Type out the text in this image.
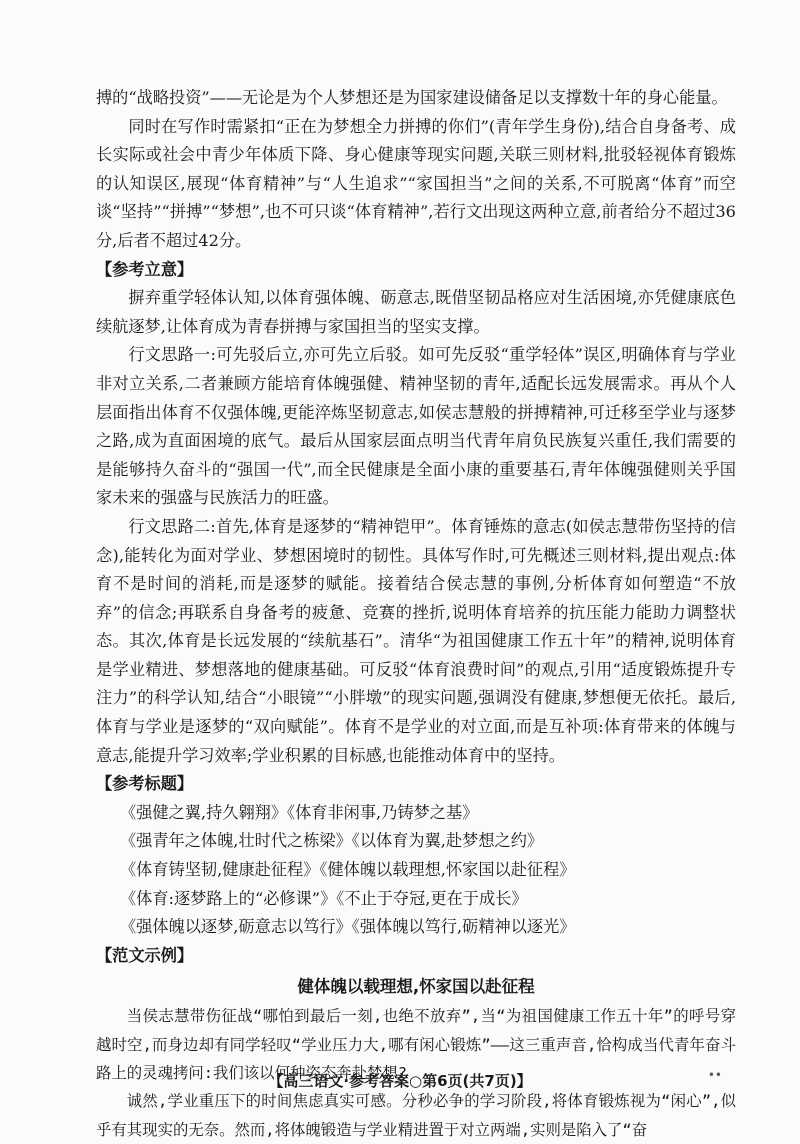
搏的“战略投资”——无论是为个人梦想还是为国家建设储备足以支撑数十年的身心能量。

同时在写作时需紧扣“正在为梦想全力拼搏的你们”(青年学生身份),结合自身备考、成长实际或社会中青少年体质下降、身心健康等现实问题,关联三则材料,批驳轻视体育锻炼的认知误区,展现“体育精神”与“人生追求”“家国担当”之间的关系,不可脱离“体育”而空谈“坚持”“拼搏”“梦想”,也不可只谈“体育精神”,若行文出现这两种立意,前者给分不超过36分,后者不超过42分。

【参考立意】

摒弃重学轻体认知,以体育强体魄、砺意志,既借坚韧品格应对生活困境,亦凭健康底色续航逐梦,让体育成为青春拼搏与家国担当的坚实支撑。

行文思路一:可先驳后立,亦可先立后驳。如可先反驳“重学轻体”误区,明确体育与学业非对立关系,二者兼顾方能培育体魄强健、精神坚韧的青年,适配长远发展需求。再从个人层面指出体育不仅强体魄,更能淬炼坚韧意志,如侯志慧般的拼搏精神,可迁移至学业与逐梦之路,成为直面困境的底气。最后从国家层面点明当代青年肩负民族复兴重任,我们需要的是能够持久奋斗的“强国一代”,而全民健康是全面小康的重要基石,青年体魄强健则关乎国家未来的强盛与民族活力的旺盛。

行文思路二:首先,体育是逐梦的“精神铠甲”。体育锤炼的意志(如侯志慧带伤坚持的信念),能转化为面对学业、梦想困境时的韧性。具体写作时,可先概述三则材料,提出观点:体育不是时间的消耗,而是逐梦的赋能。接着结合侯志慧的事例,分析体育如何塑造“不放弃”的信念;再联系自身备考的疲惫、竞赛的挫折,说明体育培养的抗压能力能助力调整状态。其次,体育是长远发展的“续航基石”。清华“为祖国健康工作五十年”的精神,说明体育是学业精进、梦想落地的健康基础。可反驳“体育浪费时间”的观点,引用“适度锻炼提升专注力”的科学认知,结合“小眼镜”“小胖墩”的现实问题,强调没有健康,梦想便无依托。最后,体育与学业是逐梦的“双向赋能”。体育不是学业的对立面,而是互补项:体育带来的体魄与意志,能提升学习效率;学业积累的目标感,也能推动体育中的坚持。

【参考标题】
《强健之翼,持久翱翔》《体育非闲事,乃铸梦之基》
《强青年之体魄,壮时代之栋梁》《以体育为翼,赴梦想之约》
《体育铸坚韧,健康赴征程》《健体魄以载理想,怀家国以赴征程》
《体育:逐梦路上的“必修课”》《不止于夺冠,更在于成长》
《强体魄以逐梦,砺意志以笃行》《强体魄以笃行,砺精神以逐光》
【范文示例】
健体魄以载理想,怀家国以赴征程

当侯志慧带伤征战“哪怕到最后一刻,也绝不放弃”,当“为祖国健康工作五十年”的呼号穿越时空,而身边却有同学轻叹“学业压力大,哪有闲心锻炼”——这三重声音,恰构成当代青年奋斗路上的灵魂拷问:我们该以何种姿态奔赴梦想?

诚然,学业重压下的时间焦虑真实可感。分秒必争的学习阶段,将体育锻炼视为“闲心”,似乎有其现实的无奈。然而,将体魄锻造与学业精进置于对立两端,实则是陷入了“奋

【高三语文·参考答案○第6页(共7页)】	••
